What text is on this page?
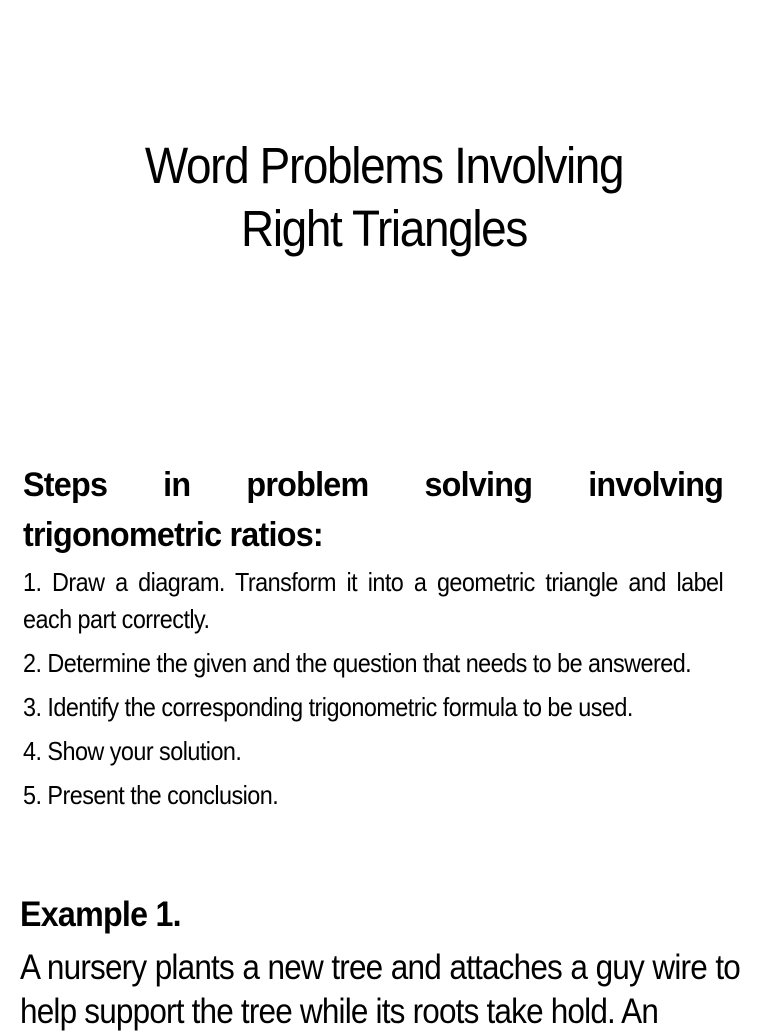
Word Problems Involving
Right Triangles
Steps in problem solving involving trigonometric ratios:
1. Draw a diagram. Transform it into a geometric triangle and label each part correctly.
2. Determine the given and the question that needs to be answered.
3. Identify the corresponding trigonometric formula to be used.
4. Show your solution.
5. Present the conclusion.
Example 1.
A nursery plants a new tree and attaches a guy wire to help support the tree while its roots take hold. An
